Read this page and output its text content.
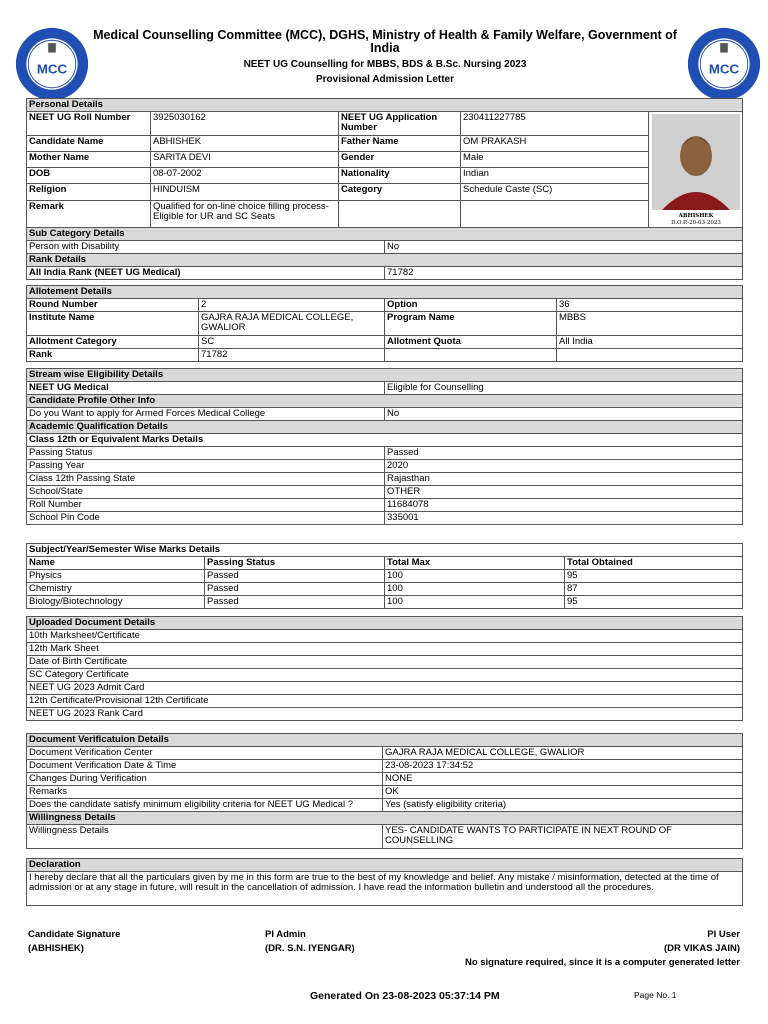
MCC	MCC
Medical Counselling Committee (MCC), DGHS, Ministry of Health & Family Welfare, Government of India
NEET UG Counselling for MBBS, BDS & B.Sc. Nursing 2023
Provisional Admission Letter
Personal Details				
NEET UG Roll Number	3925030162	NEET UG Application Number	230411227785	ABHISHEK
D.O.P.-20-03-2023

Candidate Name	ABHISHEK	Father Name	OM PRAKASH	
Mother Name	SARITA DEVI	Gender	Male	
DOB	08-07-2002	Nationality	Indian	
Religion	HINDUISM	Category	Schedule Caste (SC)	
Remark	Qualified for on-line choice filling process-Eligible for UR and SC Seats			

Sub Category Details	
Person with Disability	No
Rank Details	
All India Rank (NEET UG Medical)	71782
Allotement Details			
Round Number	2	Option	36
Institute Name	GAJRA RAJA MEDICAL COLLEGE, GWALIOR	Program Name	MBBS
Allotment Category	SC	Allotment Quota	All India
Rank	71782		
Stream wise Eligibility Details	
NEET UG Medical	Eligible for Counselling
Candidate Profile Other Info	
Do you Want to apply for Armed Forces Medical College	No
Academic Qualification Details	
Class 12th or Equivalent Marks Details	
Passing Status	Passed
Passing Year	2020
Class 12th Passing State	Rajasthan
School/State	OTHER
Roll Number	11684078
School Pin Code	335001
Subject/Year/Semester Wise Marks Details			
Name	Passing Status	Total Max	Total Obtained
Physics	Passed	100	95
Chemistry	Passed	100	87
Biology/Biotechnology	Passed	100	95
Uploaded Document Details
10th Marksheet/Certificate
12th Mark Sheet
Date of Birth Certificate
SC Category Certificate
NEET UG 2023 Admit Card
12th Certificate/Provisional 12th Certificate
NEET UG 2023 Rank Card
Document Verificatuion Details	
Document Verification Center	GAJRA RAJA MEDICAL COLLEGE, GWALIOR
Document Verification Date & Time	23-08-2023 17:34:52
Changes During Verification	NONE
Remarks	OK
Does the candidate satisfy minimum eligibility criteria for NEET UG Medical ?	Yes (satisfy eligibility criteria)
Willingness Details	
Willingness Details	YES- CANDIDATE WANTS TO PARTICIPATE IN NEXT ROUND OF COUNSELLING
Declaration
I hereby declare that all the particulars given by me in this form are true to the best of my knowledge and belief. Any mistake / misinformation, detected at the time of admission or at any stage in future, will result in the cancellation of admission. I have read the information bulletin and understood all the procedures.
Candidate Signature
(ABHISHEK)
PI Admin
(DR. S.N. IYENGAR)
PI User
(DR VIKAS JAIN)
No signature required, since it is a computer generated letter
Generated On 23-08-2023 05:37:14 PM	Page No. 1
